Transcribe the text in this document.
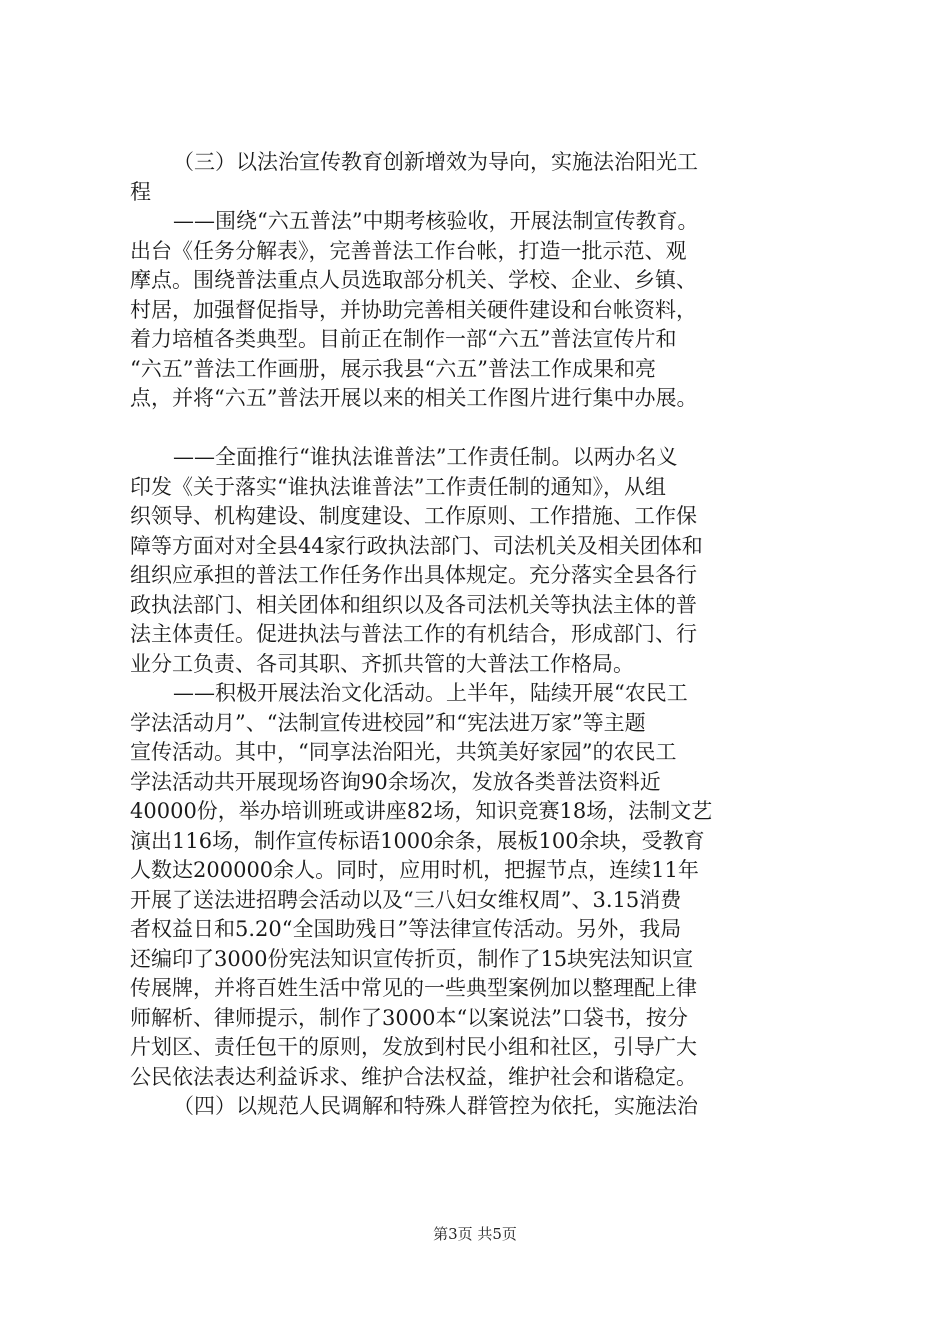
（三）以法治宣传教育创新增效为导向，实施法治阳光工
程
——围绕“六五普法”中期考核验收，开展法制宣传教育。
出台《任务分解表》，完善普法工作台帐，打造一批示范、观
摩点。围绕普法重点人员选取部分机关、学校、企业、乡镇、
村居，加强督促指导，并协助完善相关硬件建设和台帐资料，
着力培植各类典型。目前正在制作一部“六五”普法宣传片和
“六五”普法工作画册，展示我县“六五”普法工作成果和亮
点，并将“六五”普法开展以来的相关工作图片进行集中办展。
——全面推行“谁执法谁普法”工作责任制。以两办名义
印发《关于落实“谁执法谁普法”工作责任制的通知》，从组
织领导、机构建设、制度建设、工作原则、工作措施、工作保
障等方面对对全县44家行政执法部门、司法机关及相关团体和
组织应承担的普法工作任务作出具体规定。充分落实全县各行
政执法部门、相关团体和组织以及各司法机关等执法主体的普
法主体责任。促进执法与普法工作的有机结合，形成部门、行
业分工负责、各司其职、齐抓共管的大普法工作格局。
——积极开展法治文化活动。上半年，陆续开展“农民工
学法活动月”、“法制宣传进校园”和“宪法进万家”等主题
宣传活动。其中，“同享法治阳光，共筑美好家园”的农民工
学法活动共开展现场咨询90余场次，发放各类普法资料近
40000份，举办培训班或讲座82场，知识竞赛18场，法制文艺
演出116场，制作宣传标语1000余条，展板100余块，受教育
人数达200000余人。同时，应用时机，把握节点，连续11年
开展了送法进招聘会活动以及“三八妇女维权周”、3.15消费
者权益日和5.20“全国助残日”等法律宣传活动。另外，我局
还编印了3000份宪法知识宣传折页，制作了15块宪法知识宣
传展牌，并将百姓生活中常见的一些典型案例加以整理配上律
师解析、律师提示，制作了3000本“以案说法”口袋书，按分
片划区、责任包干的原则，发放到村民小组和社区，引导广大
公民依法表达利益诉求、维护合法权益，维护社会和谐稳定。
（四）以规范人民调解和特殊人群管控为依托，实施法治
第3页 共5页
